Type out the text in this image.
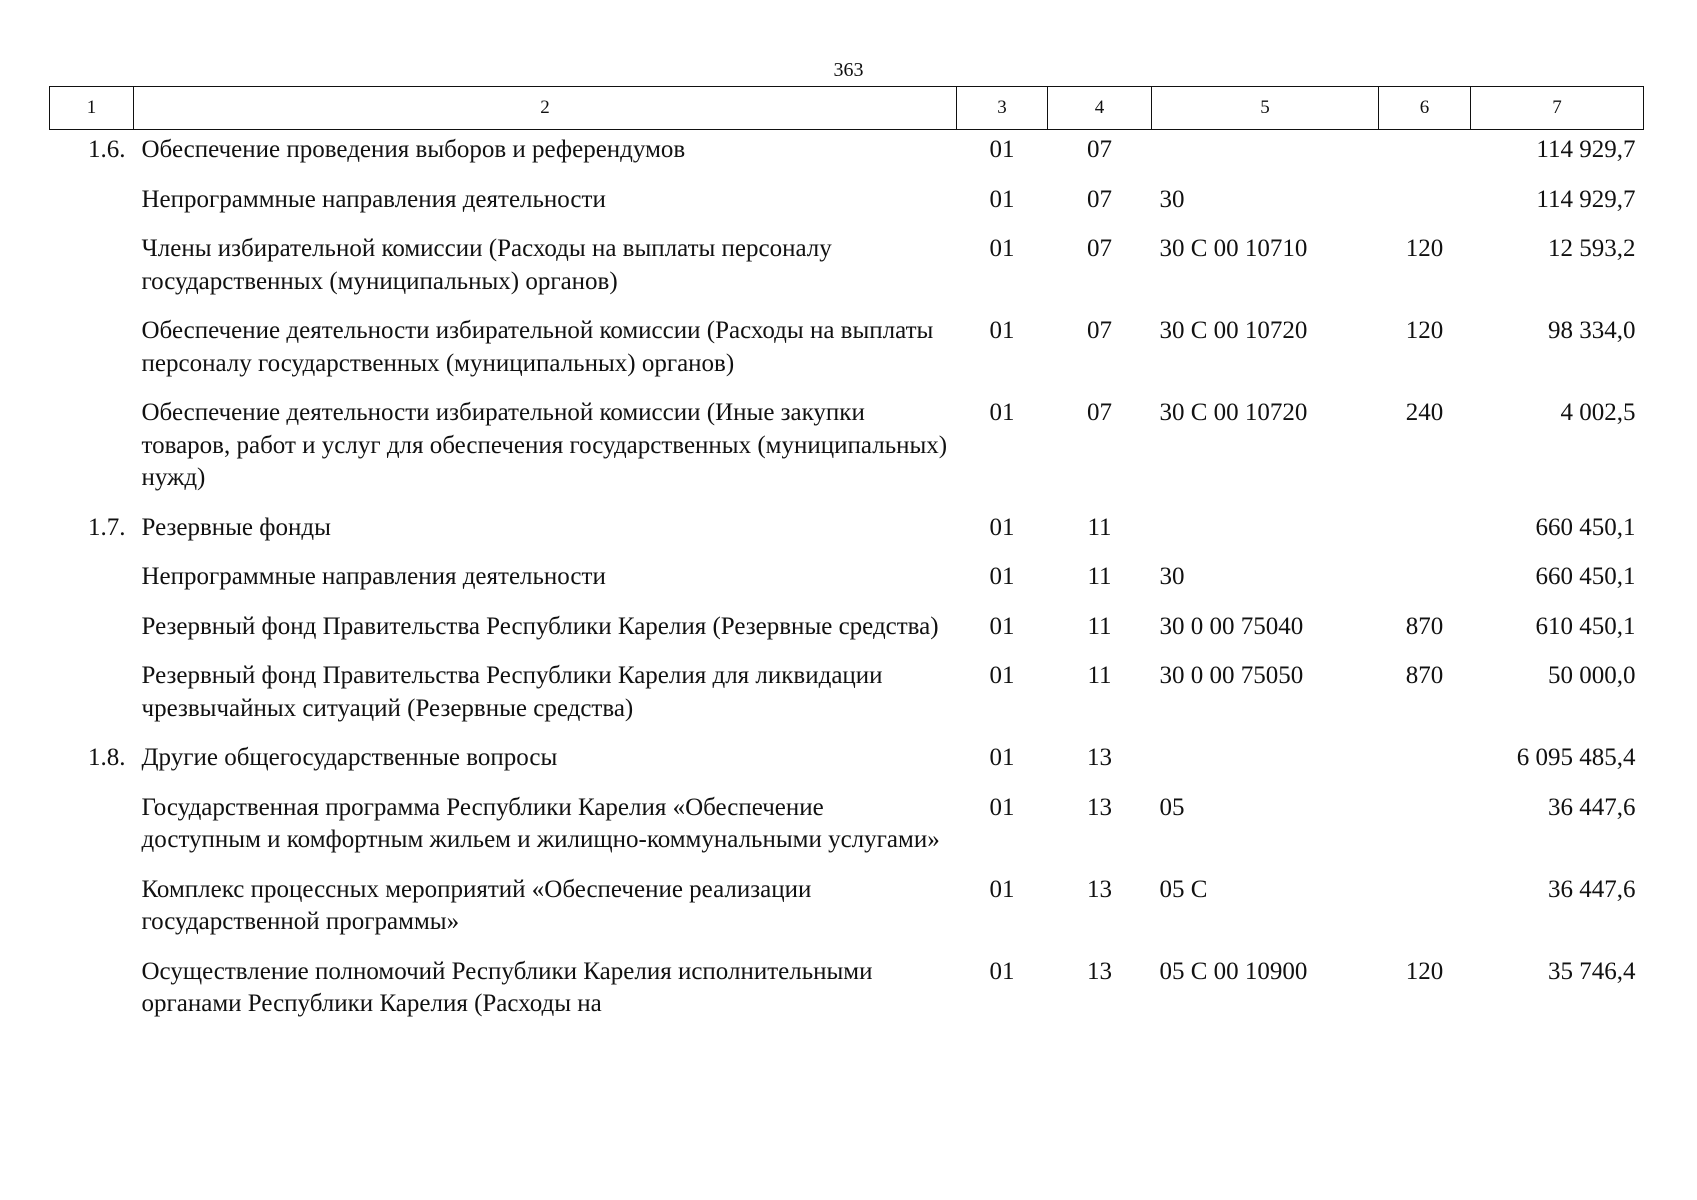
363
1	2	3	4	5	6	7
1.6.	Обеспечение проведения выборов и референдумов	01	07			114 929,7
	Непрограммные направления деятельности	01	07	30		114 929,7
	Члены избирательной комиссии (Расходы на выплаты персоналу государственных (муниципальных) органов)	01	07	30 С 00 10710	120	12 593,2
	Обеспечение деятельности избирательной комиссии (Расходы на выплаты персоналу государственных (муниципальных) органов)	01	07	30 С 00 10720	120	98 334,0
	Обеспечение деятельности избирательной комиссии (Иные закупки товаров, работ и услуг для обеспечения государственных (муниципальных) нужд)	01	07	30 С 00 10720	240	4 002,5
1.7.	Резервные фонды	01	11			660 450,1
	Непрограммные направления деятельности	01	11	30		660 450,1
	Резервный фонд Правительства Республики Карелия (Резервные средства)	01	11	30 0 00 75040	870	610 450,1
	Резервный фонд Правительства Республики Карелия для ликвидации чрезвычайных ситуаций (Резервные средства)	01	11	30 0 00 75050	870	50 000,0
1.8.	Другие общегосударственные вопросы	01	13			6 095 485,4
	Государственная программа Республики Карелия «Обеспечение доступным и комфортным жильем и жилищно-коммунальными услугами»	01	13	05		36 447,6
	Комплекс процессных мероприятий «Обеспечение реализации государственной программы»	01	13	05 С		36 447,6
	Осуществление полномочий Республики Карелия исполнительными органами Республики Карелия (Расходы на	01	13	05 С 00 10900	120	35 746,4
